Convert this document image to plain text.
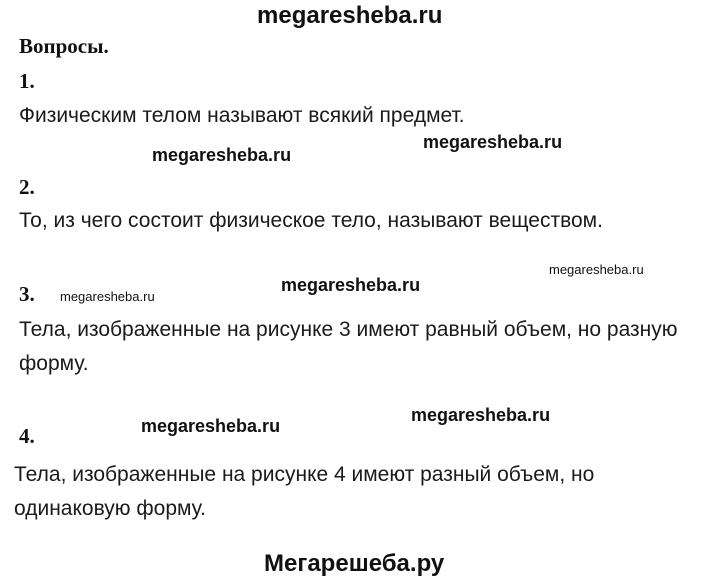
megaresheba.ru
Вопросы.
1.
Физическим телом называют всякий предмет.
megaresheba.ru
megaresheba.ru
2.
То, из чего состоит физическое тело, называют веществом.
megaresheba.ru
megaresheba.ru
megaresheba.ru
3.
Тела, изображенные на рисунке 3 имеют равный объем, но разную
форму.
megaresheba.ru
megaresheba.ru
4.
Тела, изображенные на рисунке 4 имеют разный объем, но
одинаковую форму.
Мегарешеба.ру
